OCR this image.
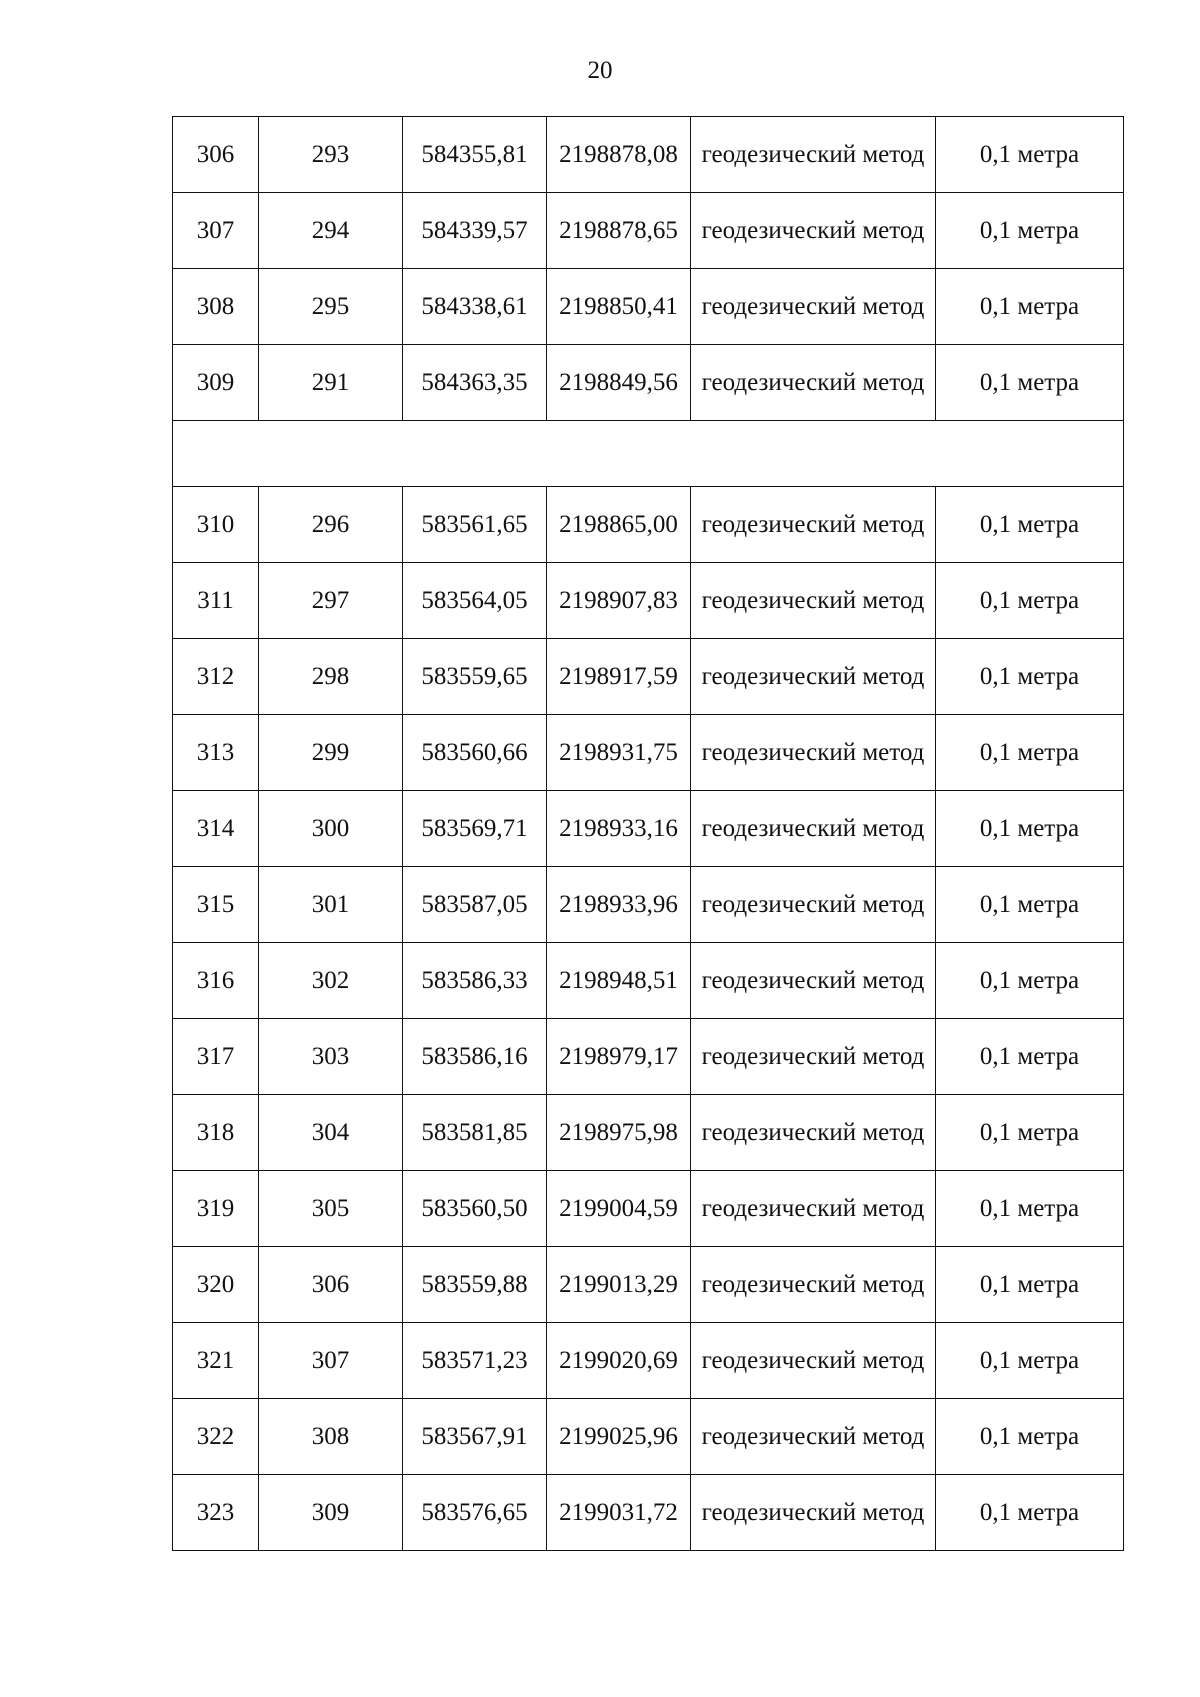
20
306	293	584355,81	2198878,08	геодезический метод	0,1 метра
307	294	584339,57	2198878,65	геодезический метод	0,1 метра
308	295	584338,61	2198850,41	геодезический метод	0,1 метра
309	291	584363,35	2198849,56	геодезический метод	0,1 метра

310	296	583561,65	2198865,00	геодезический метод	0,1 метра
311	297	583564,05	2198907,83	геодезический метод	0,1 метра
312	298	583559,65	2198917,59	геодезический метод	0,1 метра
313	299	583560,66	2198931,75	геодезический метод	0,1 метра
314	300	583569,71	2198933,16	геодезический метод	0,1 метра
315	301	583587,05	2198933,96	геодезический метод	0,1 метра
316	302	583586,33	2198948,51	геодезический метод	0,1 метра
317	303	583586,16	2198979,17	геодезический метод	0,1 метра
318	304	583581,85	2198975,98	геодезический метод	0,1 метра
319	305	583560,50	2199004,59	геодезический метод	0,1 метра
320	306	583559,88	2199013,29	геодезический метод	0,1 метра
321	307	583571,23	2199020,69	геодезический метод	0,1 метра
322	308	583567,91	2199025,96	геодезический метод	0,1 метра
323	309	583576,65	2199031,72	геодезический метод	0,1 метра
